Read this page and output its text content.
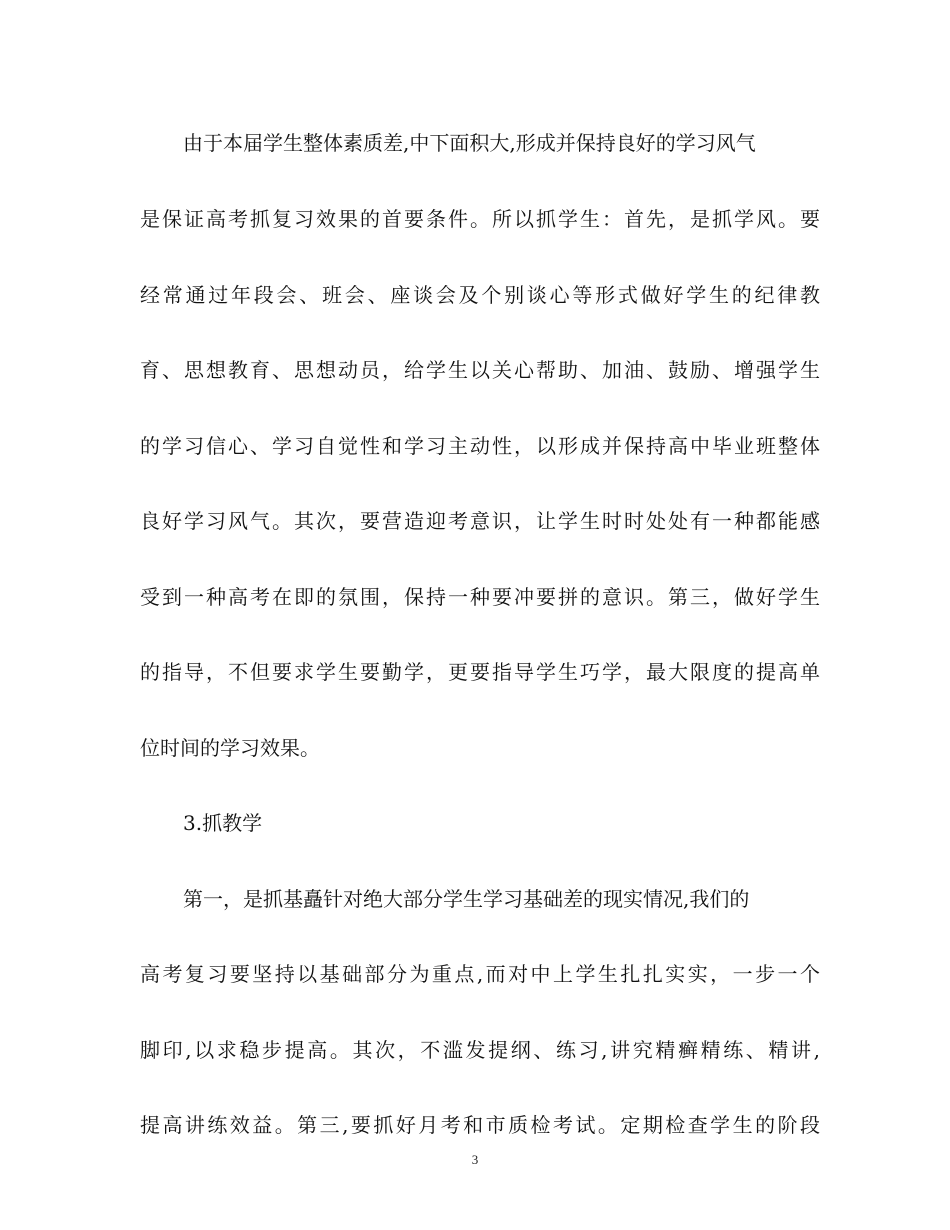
由于本届学生整体素质差,中下面积大,形成并保持良好的学习风气
是保证高考抓复习效果的首要条件。所以抓学生：首先，是抓学风。要
经常通过年段会、班会、座谈会及个别谈心等形式做好学生的纪律教
育、思想教育、思想动员，给学生以关心帮助、加油、鼓励、增强学生
的学习信心、学习自觉性和学习主动性，以形成并保持高中毕业班整体
良好学习风气。其次，要营造迎考意识，让学生时时处处有一种都能感
受到一种高考在即的氛围，保持一种要冲要拼的意识。第三，做好学生
的指导，不但要求学生要勤学，更要指导学生巧学，最大限度的提高单
位时间的学习效果。
3.抓教学
第一，是抓基矗针对绝大部分学生学习基础差的现实情况,我们的
高考复习要坚持以基础部分为重点,而对中上学生扎扎实实，一步一个
脚印,以求稳步提高。其次，不滥发提纲、练习,讲究精癣精练、精讲,
提高讲练效益。第三,要抓好月考和市质检考试。定期检查学生的阶段
3
